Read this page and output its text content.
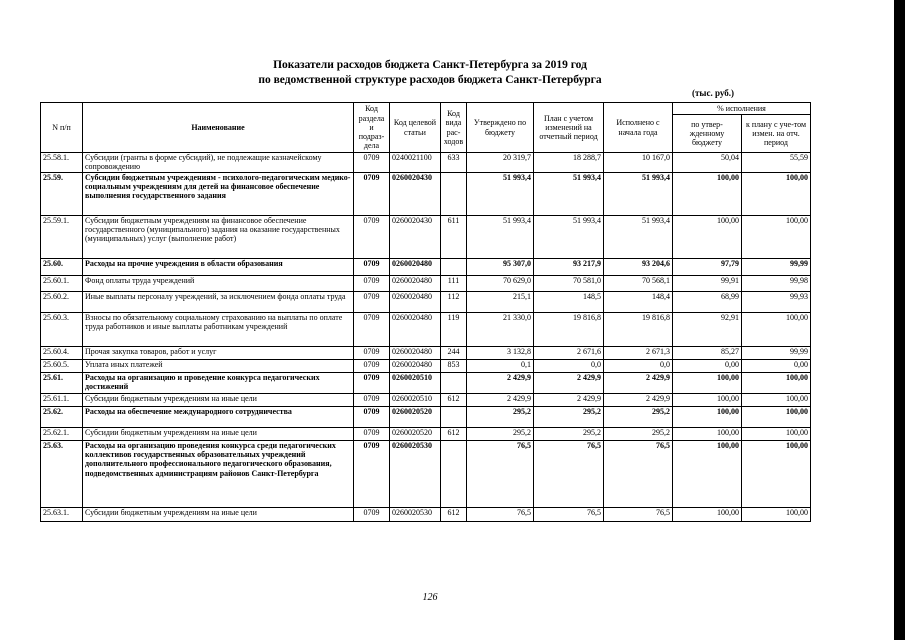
Показатели расходов бюджета Санкт-Петербурга за 2019 год
по ведомственной структуре расходов бюджета Санкт-Петербурга
(тыс. руб.)
N п/п	Наименование	Код раздела и подраз-дела	Код целевой статьи	Код вида рас-ходов	Утверждено по бюджету	План с учетом изменений на отчетный период	Исполнено с начала года	% исполнения	
								по утвер-жденному бюджету	к плану с уче-том измен. на отч. период
25.58.1.	Субсидии (гранты в форме субсидий), не подлежащие казначейскому сопровождению	0709	0240021100	633	20 319,7	18 288,7	10 167,0	50,04	55,59
25.59.	Субсидии бюджетным учреждениям - психолого-педагогическим медико-социальным учреждениям для детей на финансовое обеспечение выполнения государственного задания	0709	0260020430		51 993,4	51 993,4	51 993,4	100,00	100,00
25.59.1.	Субсидии бюджетным учреждениям на финансовое обеспечение государственного (муниципального) задания на оказание государственных (муниципальных) услуг (выполнение работ)	0709	0260020430	611	51 993,4	51 993,4	51 993,4	100,00	100,00
25.60.	Расходы на прочие учреждения в области образования	0709	0260020480		95 307,0	93 217,9	93 204,6	97,79	99,99
25.60.1.	Фонд оплаты труда учреждений	0709	0260020480	111	70 629,0	70 581,0	70 568,1	99,91	99,98
25.60.2.	Иные выплаты персоналу учреждений, за исключением фонда оплаты труда	0709	0260020480	112	215,1	148,5	148,4	68,99	99,93
25.60.3.	Взносы по обязательному социальному страхованию на выплаты по оплате труда работников и иные выплаты работникам учреждений	0709	0260020480	119	21 330,0	19 816,8	19 816,8	92,91	100,00
25.60.4.	Прочая закупка товаров, работ и услуг	0709	0260020480	244	3 132,8	2 671,6	2 671,3	85,27	99,99
25.60.5.	Уплата иных платежей	0709	0260020480	853	0,1	0,0	0,0	0,00	0,00
25.61.	Расходы на организацию и проведение конкурса педагогических достижений	0709	0260020510		2 429,9	2 429,9	2 429,9	100,00	100,00
25.61.1.	Субсидии бюджетным учреждениям на иные цели	0709	0260020510	612	2 429,9	2 429,9	2 429,9	100,00	100,00
25.62.	Расходы на обеспечение международного сотрудничества	0709	0260020520		295,2	295,2	295,2	100,00	100,00
25.62.1.	Субсидии бюджетным учреждениям на иные цели	0709	0260020520	612	295,2	295,2	295,2	100,00	100,00
25.63.	Расходы на организацию проведения конкурса среди педагогических коллективов государственных образовательных учреждений дополнительного профессионального педагогического образования, подведомственных администрациям районов Санкт-Петербурга	0709	0260020530		76,5	76,5	76,5	100,00	100,00
25.63.1.	Субсидии бюджетным учреждениям на иные цели	0709	0260020530	612	76,5	76,5	76,5	100,00	100,00
126
